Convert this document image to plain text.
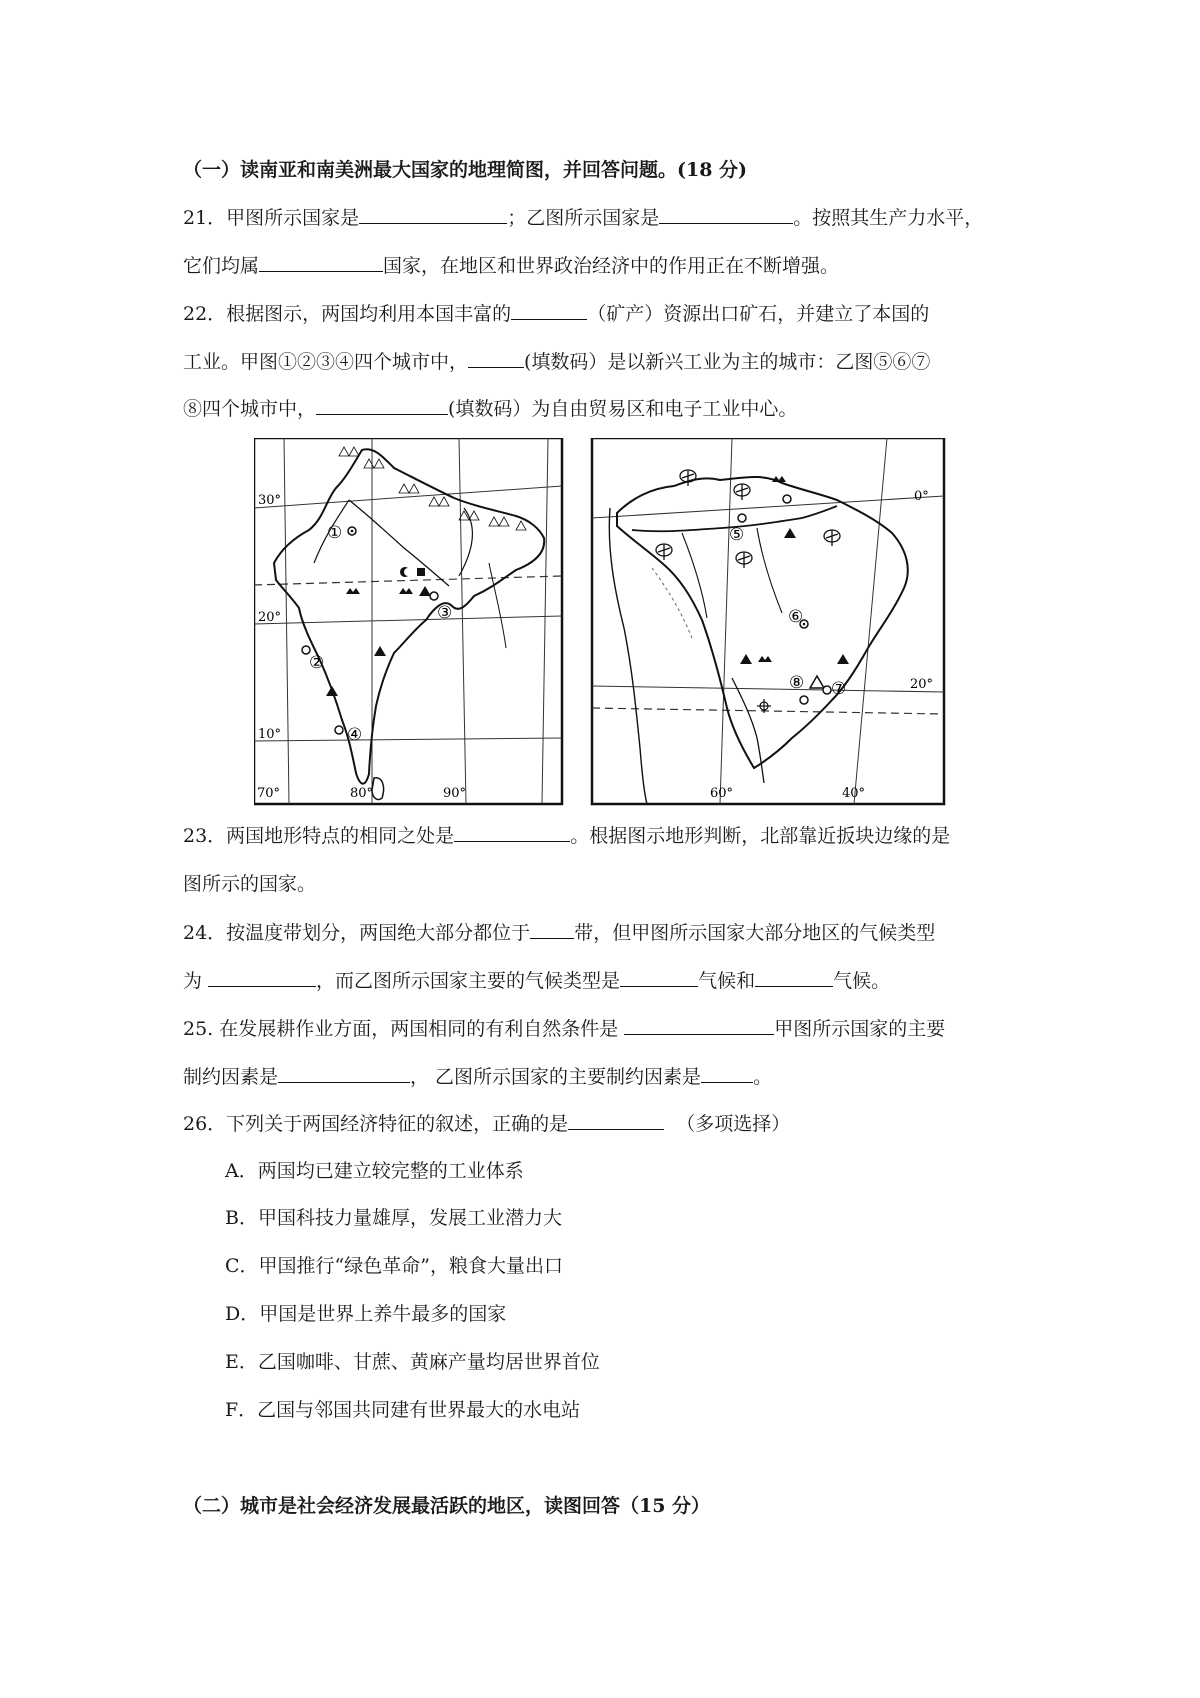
（一）读南亚和南美洲最大国家的地理简图，并回答问题。(18 分)
21．甲图所示国家是	；乙图所示国家是	。按照其生产力水平，
它们均属	国家，在地区和世界政治经济中的作用正在不断增强。
22．根据图示，两国均利用本国丰富的	（矿产）资源出口矿石，并建立了本国的
工业。甲图①②③④四个城市中，	(填数码）是以新兴工业为主的城市：乙图⑤⑥⑦
⑧四个城市中，	(填数码）为自由贸易区和电子工业中心。
①
②
③
④
30°
20°
10°
70°	80°	90°
⑤
⑥
⑦
⑧
0°
20°
60°	40°
23．两国地形特点的相同之处是	。根据图示地形判断，北部靠近扳块边缘的是
图所示的国家。
24．按温度带划分，两国绝大部分都位于 带，但甲图所示国家大部分地区的气候类型
为	，而乙图所示国家主要的气候类型是	气候和	气候。
25. 在发展耕作业方面，两国相同的有利自然条件是	甲图所示国家的主要
制约因素是	， 乙图所示国家的主要制约因素是	。
26．下列关于两国经济特征的叙述，正确的是	（多项选择）
A．两国均已建立较完整的工业体系
B．甲国科技力量雄厚，发展工业潜力大
C．甲国推行“绿色革命”，粮食大量出口
D．甲国是世界上养牛最多的国家
E．乙国咖啡、甘蔗、黄麻产量均居世界首位
F．乙国与邻国共同建有世界最大的水电站
（二）城市是社会经济发展最活跃的地区，读图回答（15 分）
